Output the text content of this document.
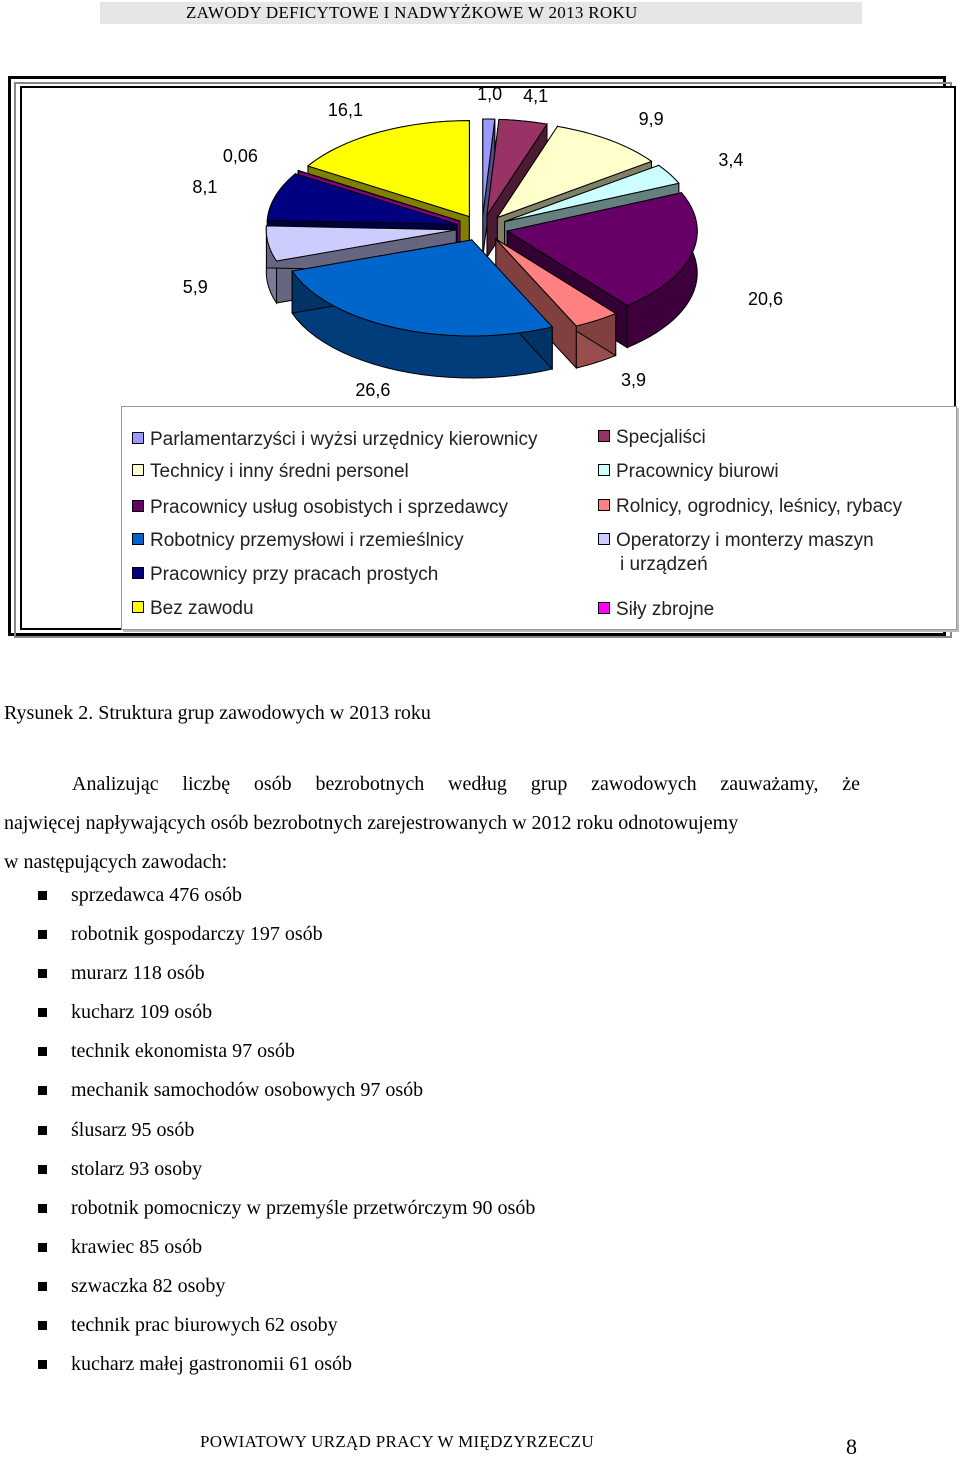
ZAWODY DEFICYTOWE I NADWYŻKOWE W 2013 ROKU
1,0 4,1
9,9
3,4
20,6
3,9
26,6
5,9
8,1
0,06
16,1
Parlamentarzyści i wyżsi urzędnicy kierownicy
Technicy i inny średni personel
Pracownicy usług osobistych i sprzedawcy
Robotnicy przemysłowi i rzemieślnicy
Pracownicy przy pracach prostych
Bez zawodu
Specjaliści
Pracownicy biurowi
Rolnicy, ogrodnicy, leśnicy, rybacy
Operatorzy i monterzy maszyn
i urządzeń
Siły zbrojne
Rysunek 2. Struktura grup zawodowych w 2013 roku
Analizując liczbę osób bezrobotnych według grup zawodowych zauważamy, że
najwięcej napływających osób bezrobotnych zarejestrowanych w 2012 roku odnotowujemy
w następujących zawodach:
sprzedawca 476 osób
robotnik gospodarczy 197 osób
murarz 118 osób
kucharz 109 osób
technik ekonomista 97 osób
mechanik samochodów osobowych 97 osób
ślusarz 95 osób
stolarz 93 osoby
robotnik pomocniczy w przemyśle przetwórczym 90 osób
krawiec 85 osób
szwaczka 82 osoby
technik prac biurowych 62 osoby
kucharz małej gastronomii 61 osób
POWIATOWY URZĄD PRACY W MIĘDZYRZECZU	8
